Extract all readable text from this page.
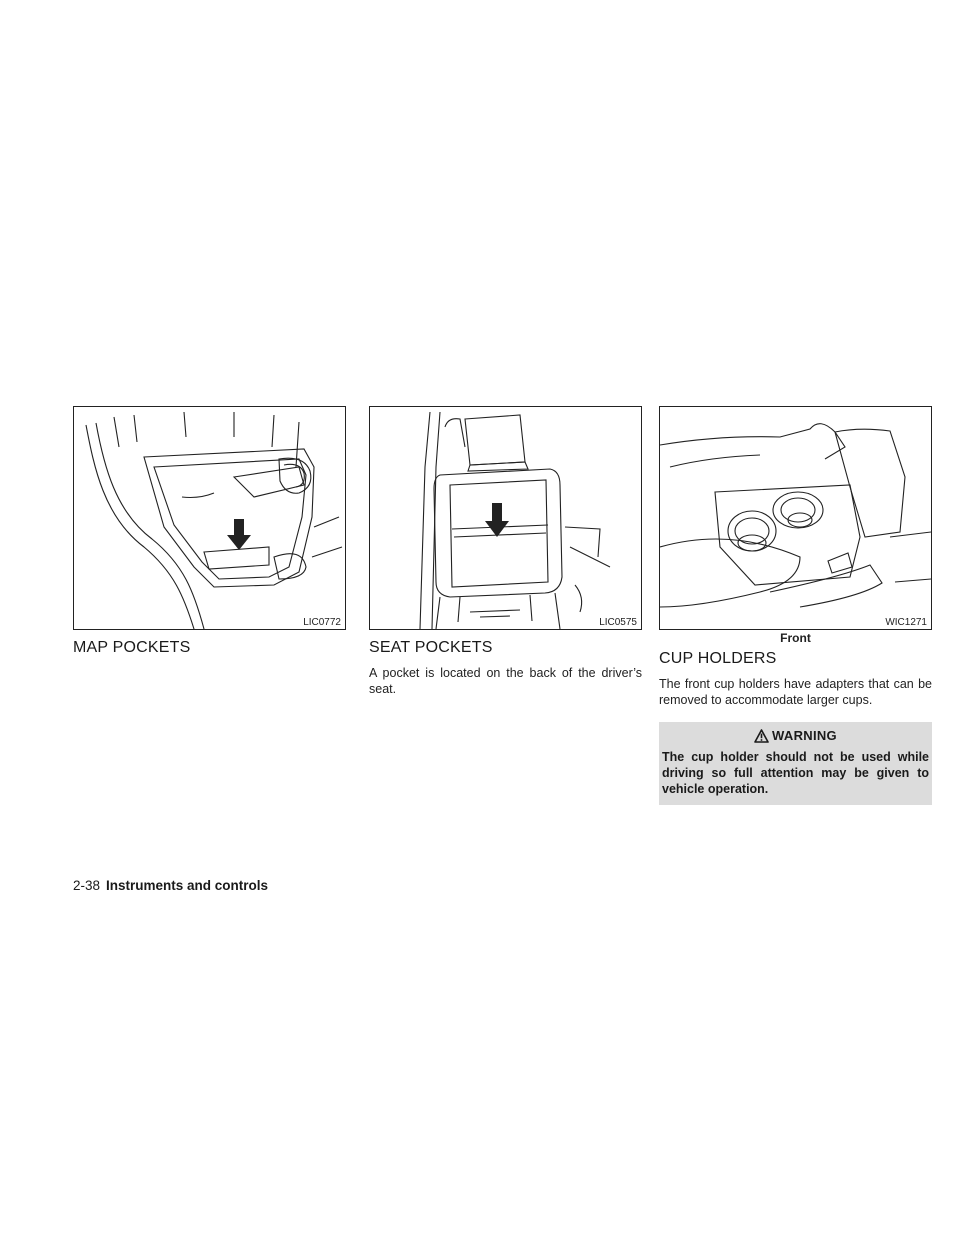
LIC0772
MAP POCKETS
LIC0575
SEAT POCKETS

A pocket is located on the back of the driver’s seat.

WIC1271
Front
CUP HOLDERS

The front cup holders have adapters that can be removed to accommodate larger cups.

WARNING
The cup holder should not be used while driving so full attention may be given to vehicle operation.
2-38 Instruments and controls
